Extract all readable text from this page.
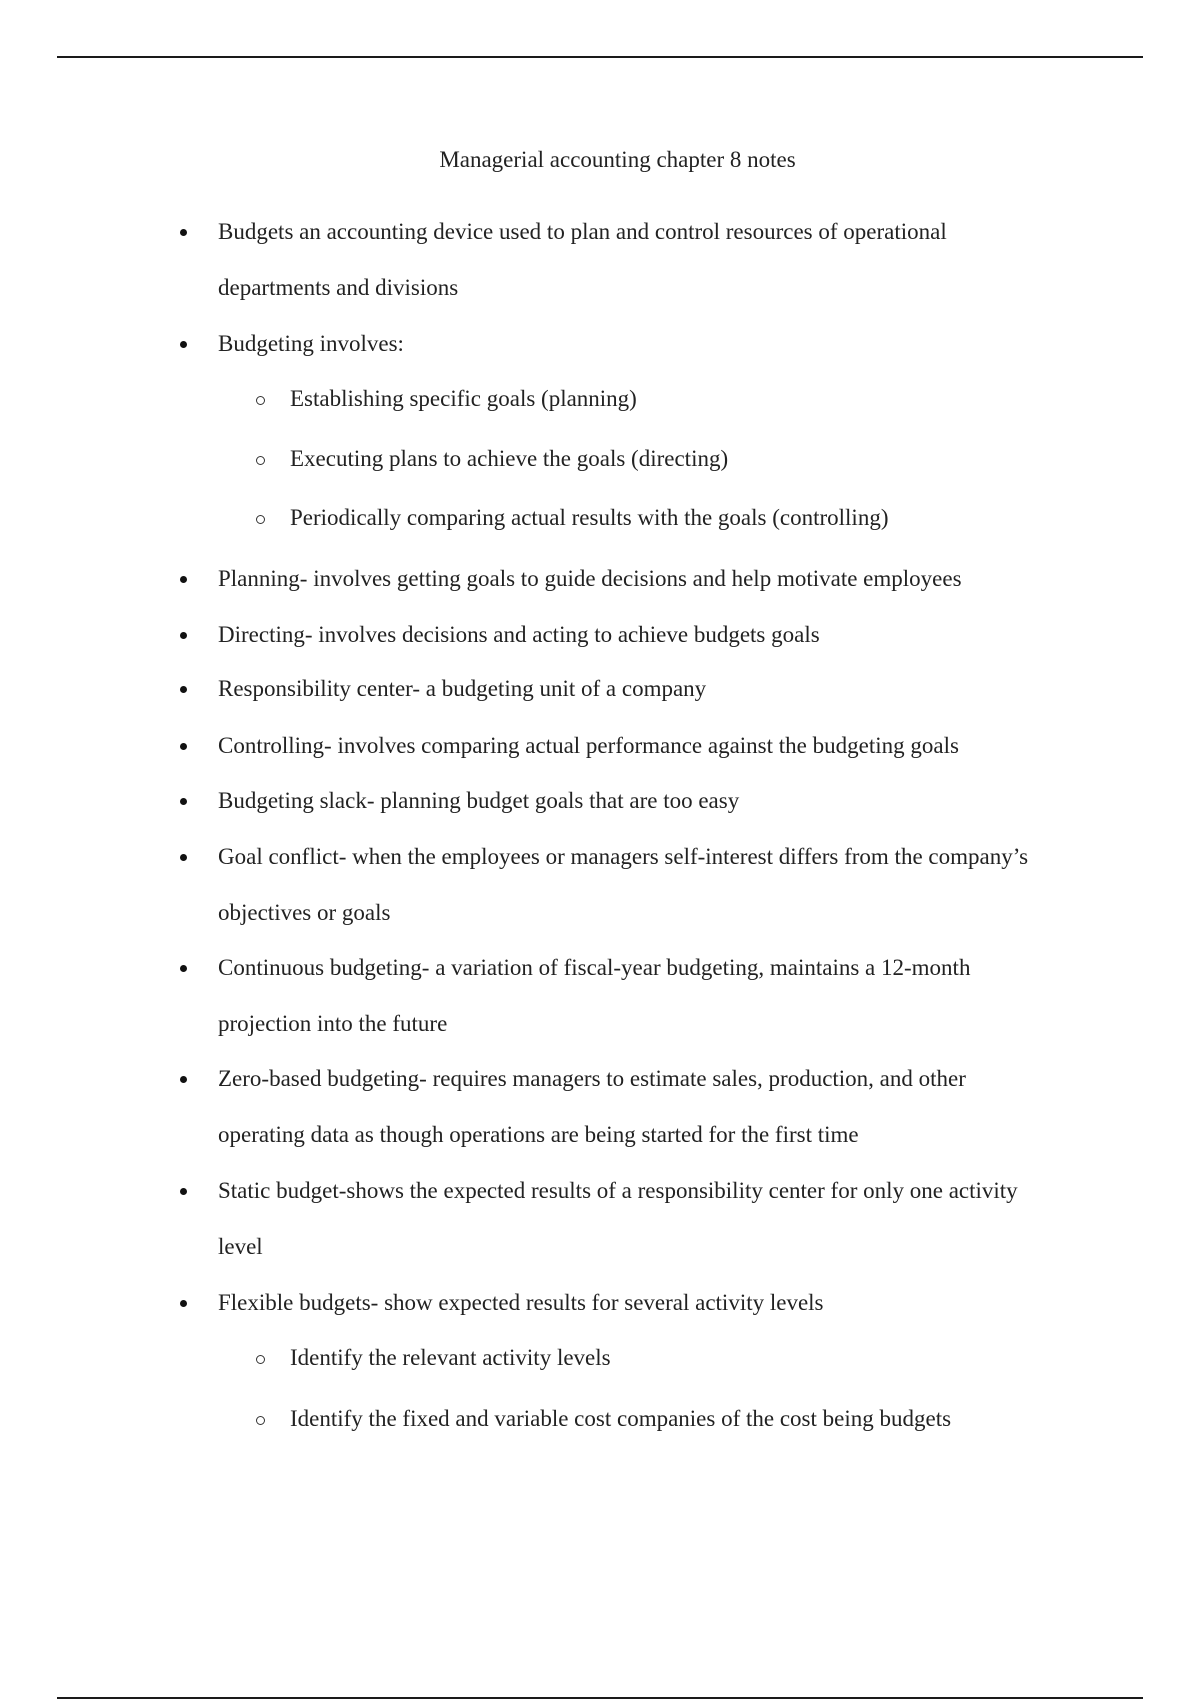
Managerial accounting chapter 8 notes
Budgets an accounting device used to plan and control resources of operational
departments and divisions
Budgeting involves:
Establishing specific goals (planning)
Executing plans to achieve the goals (directing)
Periodically comparing actual results with the goals (controlling)
Planning- involves getting goals to guide decisions and help motivate employees
Directing- involves decisions and acting to achieve budgets goals
Responsibility center- a budgeting unit of a company
Controlling- involves comparing actual performance against the budgeting goals
Budgeting slack- planning budget goals that are too easy
Goal conflict- when the employees or managers self-interest differs from the company’s
objectives or goals
Continuous budgeting- a variation of fiscal-year budgeting, maintains a 12-month
projection into the future
Zero-based budgeting- requires managers to estimate sales, production, and other
operating data as though operations are being started for the first time
Static budget-shows the expected results of a responsibility center for only one activity
level
Flexible budgets- show expected results for several activity levels
Identify the relevant activity levels
Identify the fixed and variable cost companies of the cost being budgets
